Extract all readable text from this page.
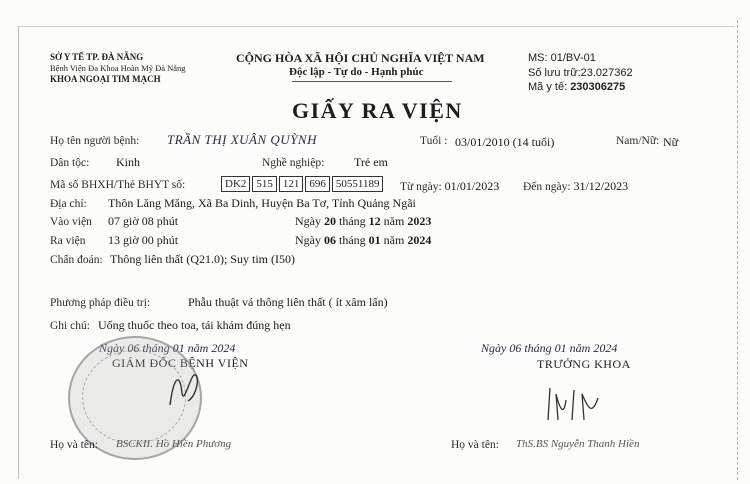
SỞ Y TẾ TP. ĐÀ NẴNG
Bệnh Viện Đa Khoa Hoàn Mỹ Đà Nẵng
KHOA NGOẠI TIM MẠCH
CỘNG HÒA XÃ HỘI CHỦ NGHĨA VIỆT NAM
Độc lập - Tự do - Hạnh phúc
MS: 01/BV-01
Số lưu trữ:23.027362
Mã y tế: 230306275
GIẤY RA VIỆN
Họ tên người bệnh: TRẦN THỊ XUÂN QUỲNH	Tuổi : 03/01/2010 (14 tuổi)	Nam/Nữ: Nữ
Dân tộc: Kinh	Nghề nghiệp: Trẻ em
Mã số BHXH/Thẻ BHYT số:	DK2 515 121 696 50551189	Từ ngày: 01/01/2023 Đến ngày: 31/12/2023
Địa chỉ: Thôn Lăng Măng, Xã Ba Dinh, Huyện Ba Tơ, Tỉnh Quảng Ngãi
Vào viện 07 giờ 08 phút	Ngày 20 tháng 12 năm 2023
Ra viện 13 giờ 00 phút	Ngày 06 tháng 01 năm 2024
Chẩn đoán: Thông liên thất (Q21.0); Suy tim (I50)
Phương pháp điều trị:	Phẫu thuật vá thông liên thất ( ít xâm lấn)
Ghi chú: Uống thuốc theo toa, tái khám đúng hẹn
Ngày 06 tháng 01 năm 2024
GIÁM ĐỐC BỆNH VIỆN
Họ và tên: BSCKII. Hồ Hiền Phương
Ngày 06 tháng 01 năm 2024
TRƯỞNG KHOA
Họ và tên: ThS.BS Nguyễn Thanh Hiền
